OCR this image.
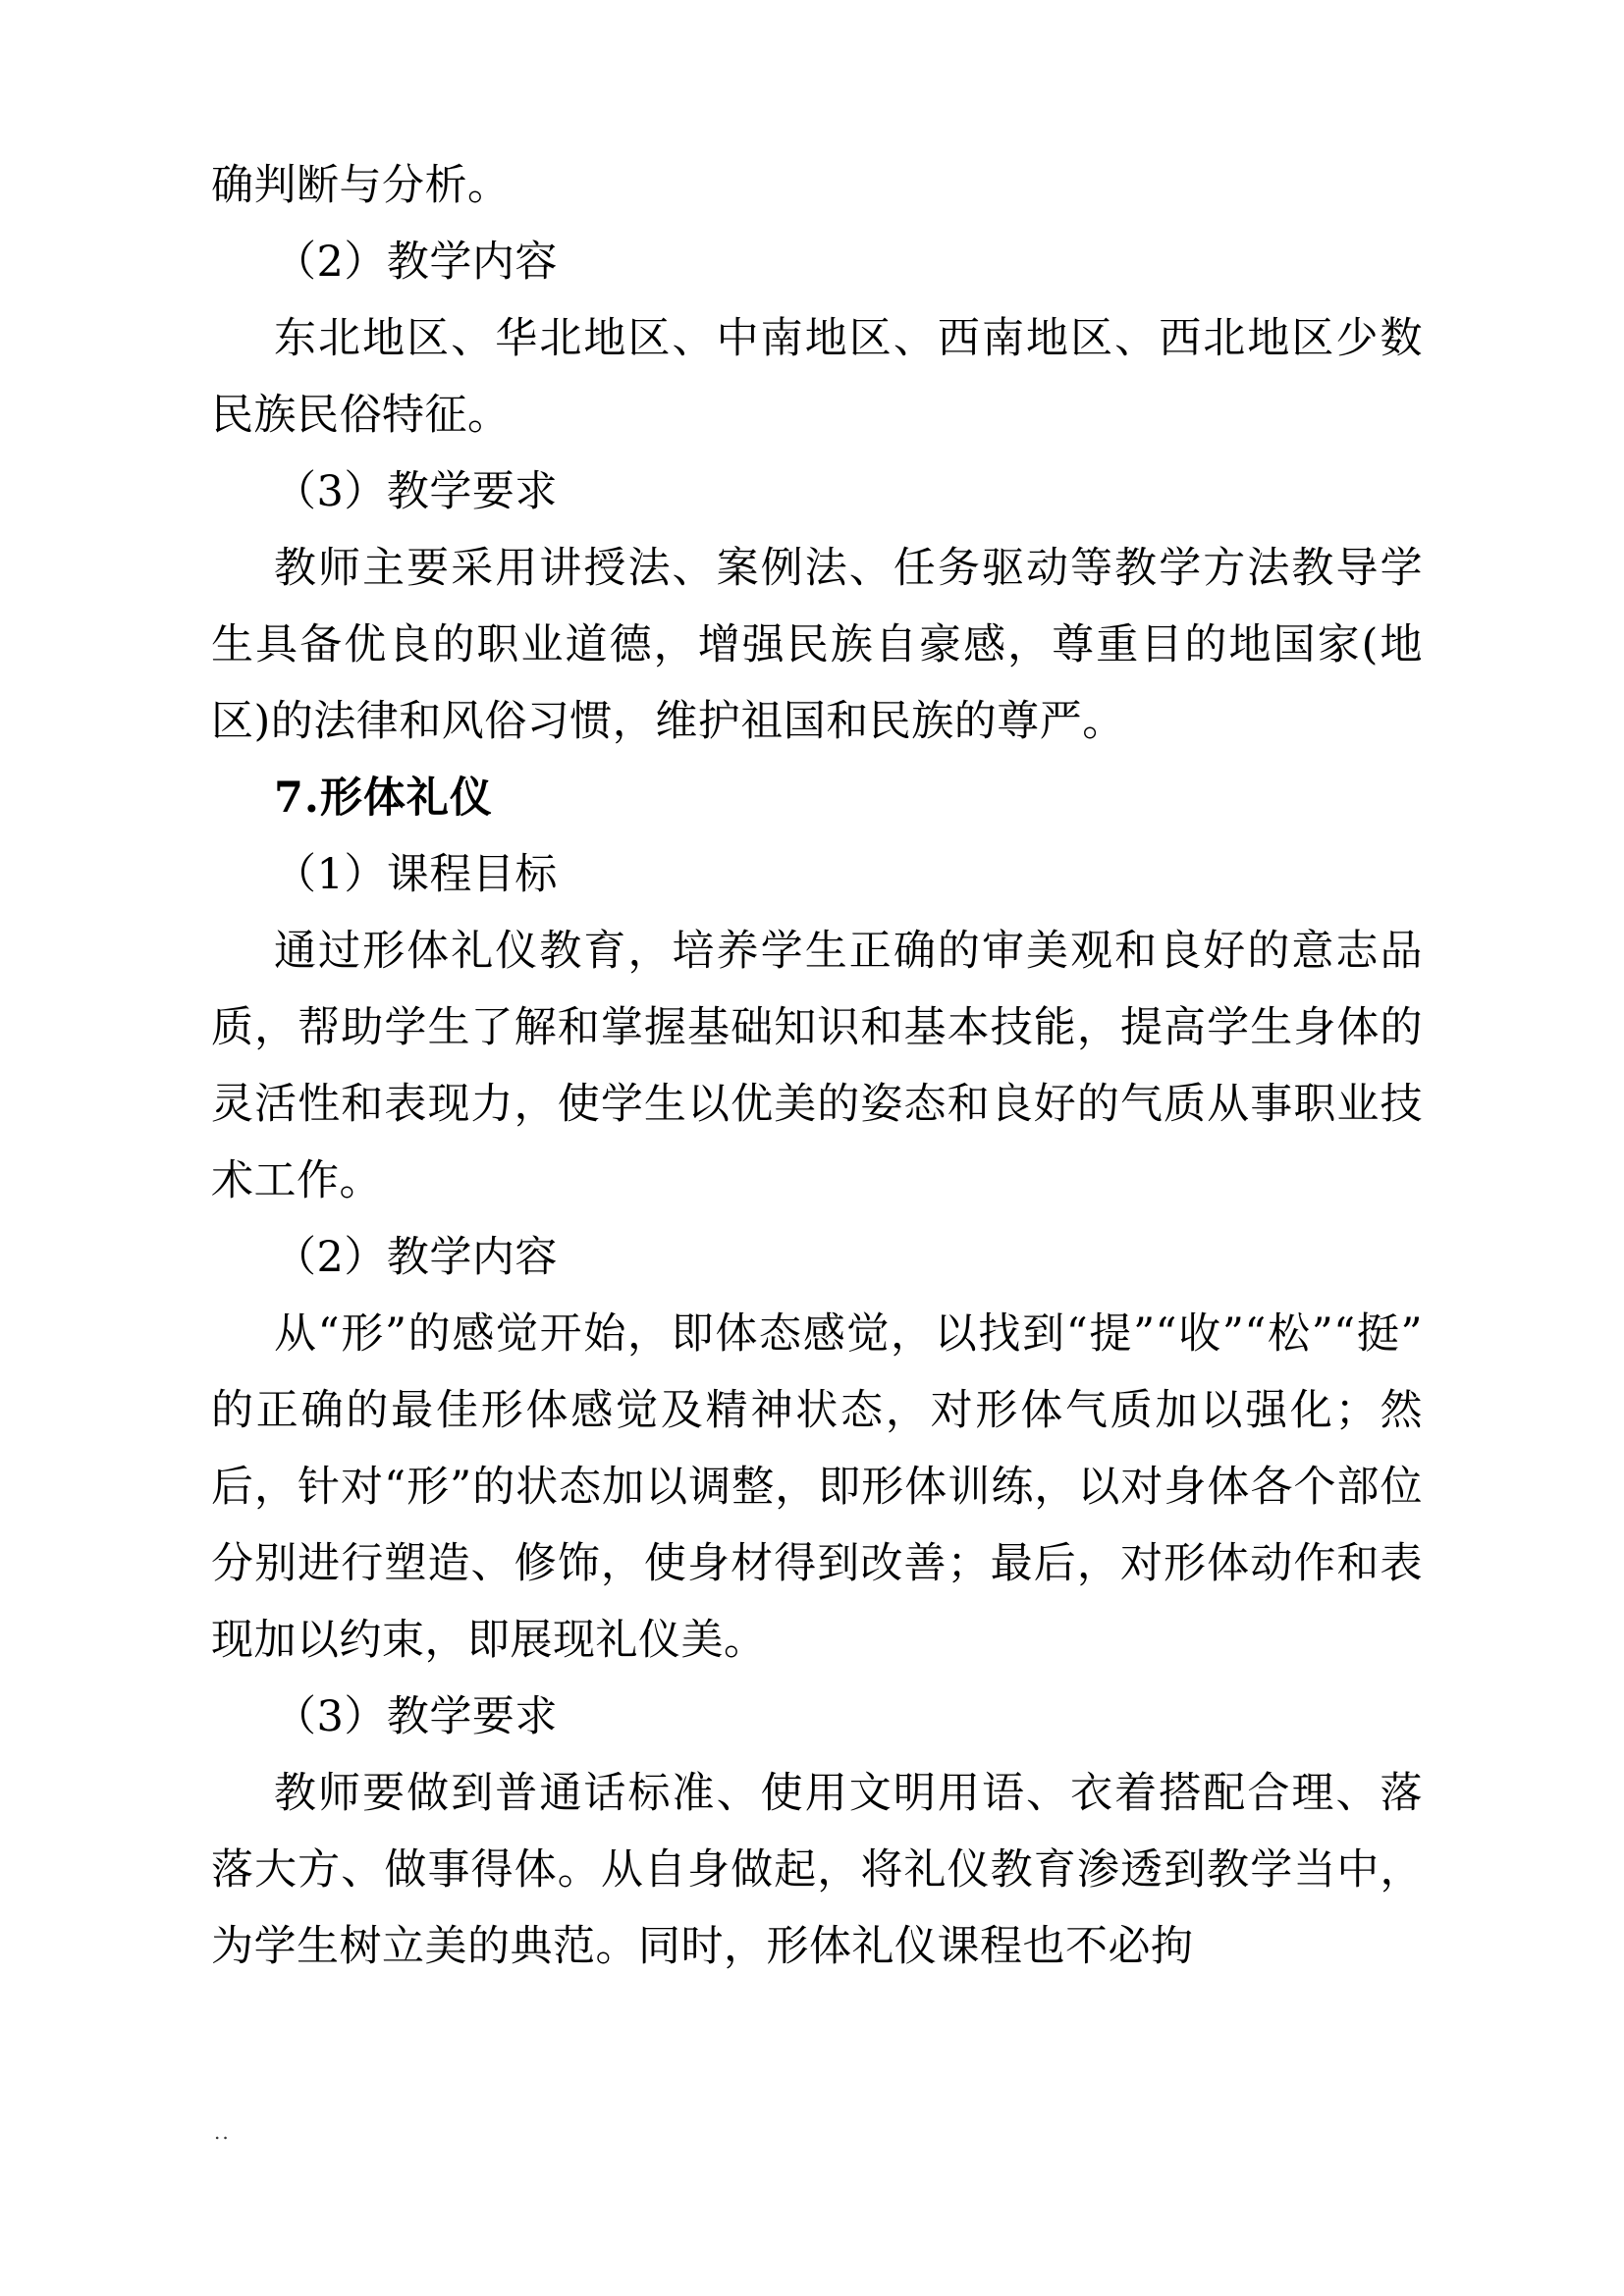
确判断与分析。

（2）教学内容

东北地区、华北地区、中南地区、西南地区、西北地区少数民族民俗特征。

（3）教学要求

教师主要采用讲授法、案例法、任务驱动等教学方法教导学生具备优良的职业道德，增强民族自豪感，尊重目的地国家(地区)的法律和风俗习惯，维护祖国和民族的尊严。

7.形体礼仪

（1）课程目标

通过形体礼仪教育，培养学生正确的审美观和良好的意志品质，帮助学生了解和掌握基础知识和基本技能，提高学生身体的灵活性和表现力，使学生以优美的姿态和良好的气质从事职业技术工作。

（2）教学内容

从“形”的感觉开始，即体态感觉，以找到“提”“收”“松”“挺”的正确的最佳形体感觉及精神状态，对形体气质加以强化；然后，针对“形”的状态加以调整，即形体训练，以对身体各个部位分别进行塑造、修饰，使身材得到改善；最后，对形体动作和表现加以约束，即展现礼仪美。

（3）教学要求

教师要做到普通话标准、使用文明用语、衣着搭配合理、落落大方、做事得体。从自身做起，将礼仪教育渗透到教学当中，为学生树立美的典范。同时，形体礼仪课程也不必拘

..
